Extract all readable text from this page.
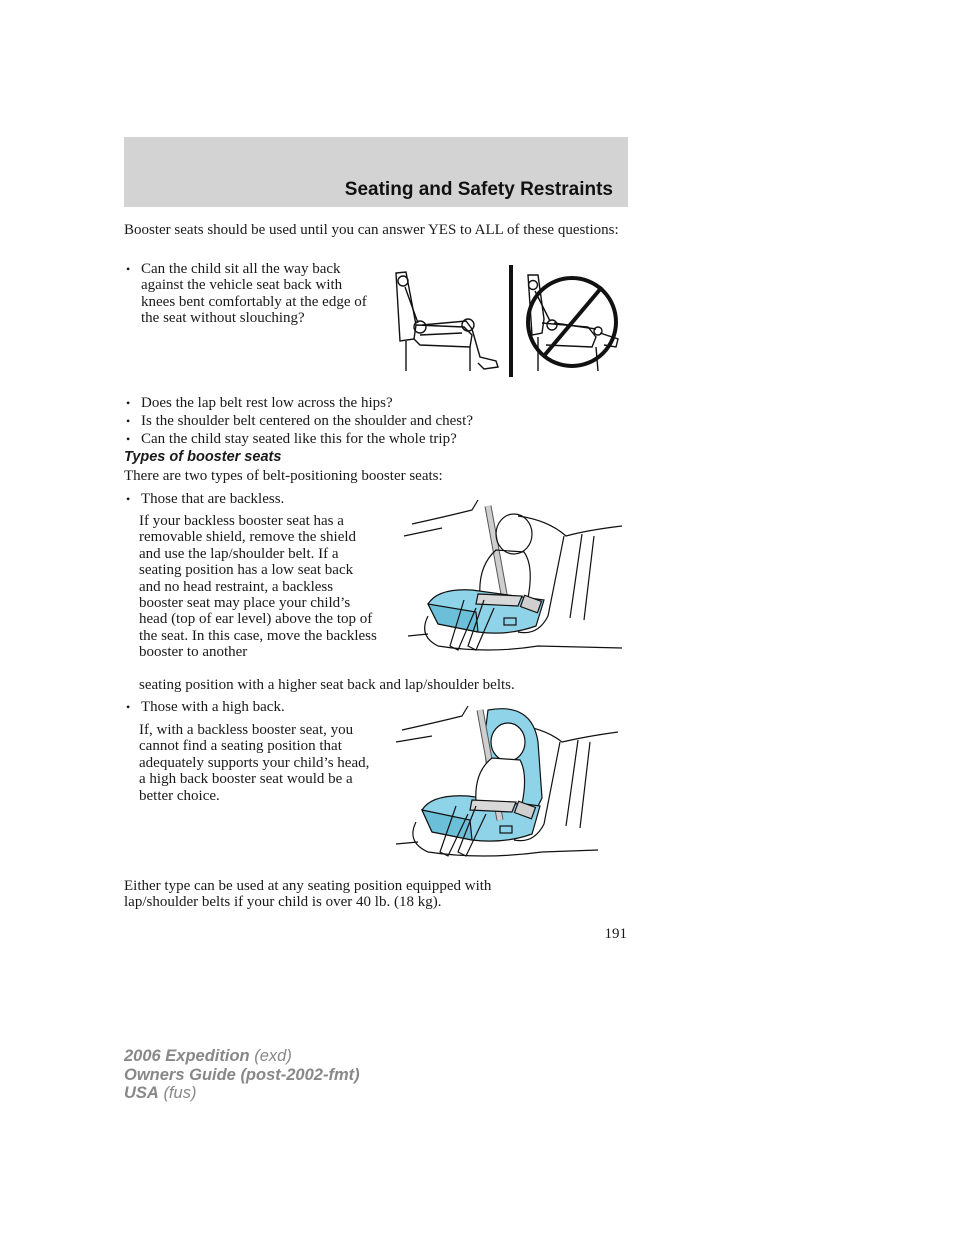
Seating and Safety Restraints

Booster seats should be used until you can answer YES to ALL of these questions:

• Can the child sit all the way back against the vehicle seat back with knees bent comfortably at the edge of the seat without slouching?
• Does the lap belt rest low across the hips?
• Is the shoulder belt centered on the shoulder and chest?
• Can the child stay seated like this for the whole trip?
Types of booster seats

There are two types of belt-positioning booster seats:

• Those that are backless.

If your backless booster seat has a removable shield, remove the shield and use the lap/shoulder belt. If a seating position has a low seat back and no head restraint, a backless booster seat may place your child’s head (top of ear level) above the top of the seat. In this case, move the backless booster to another

seating position with a higher seat back and lap/shoulder belts.

• Those with a high back.

If, with a backless booster seat, you cannot find a seating position that adequately supports your child’s head, a high back booster seat would be a better choice.

Either type can be used at any seating position equipped with lap/shoulder belts if your child is over 40 lb. (18 kg).

191
2006 Expedition (exd)
Owners Guide (post-2002-fmt)
USA (fus)
